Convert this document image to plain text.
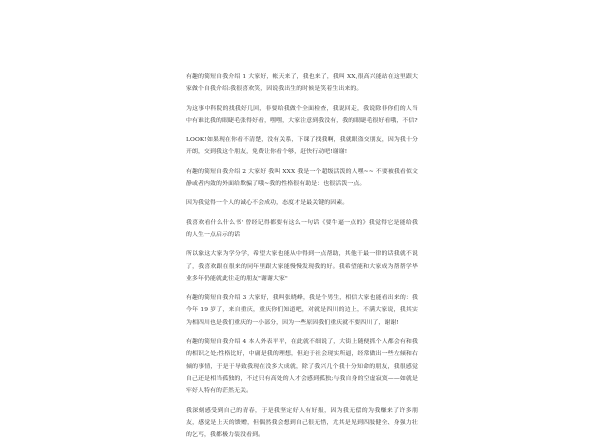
有趣的简短自我介绍 1 大家好，帐天来了，我也来了，我叫 XX,很高兴能站在这里跟大家做个自我介绍:我很喜欢笑，因说我出生的时候是笑着生出来的。

为这事中科院的找我好几回，非要给我做个全面检查，我说回走，我说除非你们的人当中有谁比我的眼睫毛张得好看，嘿嘿，大家注意到我没有，我的眼睫毛很好看哦，不信?

LOOK!如果现在你看不清楚，没有关系，下课了找我啊，我就眼盗交朋友，因为我十分开朗，交到我这个朋友，免费让你看个够，赶快行动吧!谢谢!

有趣的简短自我介绍 2 大家好 我叫 XXX 我是一个超级活泼的人嘿~~ 不要被我看似文静或者内敛的外面给欺骗了哦~我的性格很有助是：也很活泼一点。

因为我觉得一个人的诚心不会成功，态度才是最关键的因素。

我喜欢看什么什么书' 曾经记得都要有这么一句话《要牛逼一点的》我觉得它是能给我的人生一点启示的话

所以象这大家为学分学，希望大家也能从中得到一点帮助，其他干最一律的话我就不说了，我喜欢跟在很来的同年里跟大家能慢慢发现我的好。我希望能和大家成为帮帮学毕业多年仍能就此往走的朋友"谢谢大家"

有趣的简短自我介绍 3 大家好，我叫张晓峰，我是个男生，相信大家也能看出来的：我今年 19 岁了，来自重庆，重庆你们知道吧，对就是四川的边上，不满大家说，我其实为相四川也是我们重庆的一小部分，因为一些原因我们重庆就不要四川了，谢谢!

有趣的简短自我介绍 4 本人外表平平，在此就不细说了，大街上随便抓个人都会有和我的相识之处;性格比好，中庸是我的理想，但迫于社会现实所逼，经常做出一些左倾和右倾的事情，于是于导致我现在没多大成就，除了我兴几个我十分知命的朋友，我很感觉自己还是相当孤独的，不过只有高处的人才会感到孤独;与我自身的空虚寂寞——如就是牢好人特有的茫然无关。

我深刻感受到自己的青春，于是我坚定好人有好报，因为我无偿的为我赚来了许多朋友，感觉是上天的馈赠，但偶然我会想到自己很无惜，尤其是见到四肢健全、身强力壮的乞丐，我都极力装没看到。
